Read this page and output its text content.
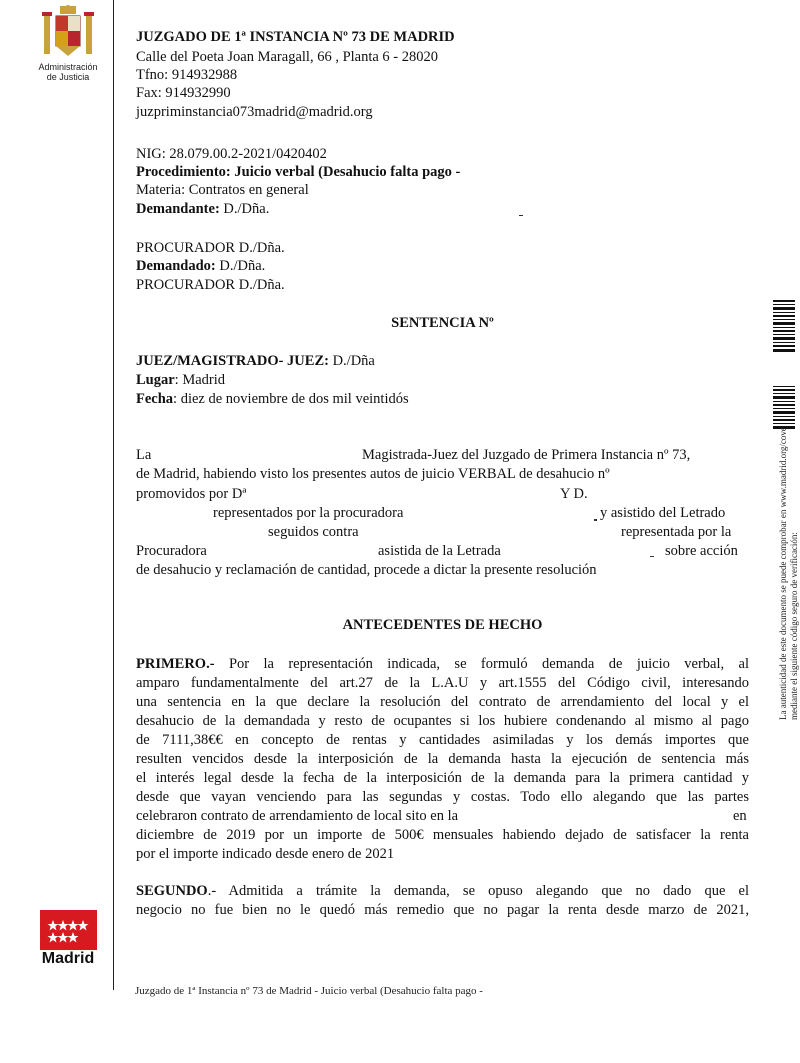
Administración
de Justicia
Madrid
JUZGADO DE 1ª INSTANCIA Nº 73 DE MADRID
Calle del Poeta Joan Maragall, 66 , Planta 6 - 28020
Tfno: 914932988
Fax: 914932990
juzpriminstancia073madrid@madrid.org
NIG: 28.079.00.2-2021/0420402
Procedimiento: Juicio verbal (Desahucio falta pago -
Materia: Contratos en general
Demandante: D./Dña.
PROCURADOR D./Dña.
Demandado: D./Dña.
PROCURADOR D./Dña.
SENTENCIA Nº
JUEZ/MAGISTRADO- JUEZ: D./Dña
Lugar: Madrid
Fecha: diez de noviembre de dos mil veintidós
La	Magistrada-Juez del Juzgado de Primera Instancia nº 73,
de Madrid, habiendo visto los presentes autos de juicio VERBAL de desahucio nº
promovidos por Dª	Y D.
representados por la procuradora	y asistido del Letrado
seguidos contra	representada por la
Procuradora	asistida de la Letrada	sobre acción
de desahucio y reclamación de cantidad, procede a dictar la presente resolución
ANTECEDENTES DE HECHO
PRIMERO.- Por la representación indicada, se formuló demanda de juicio verbal, al
amparo fundamentalmente del art.27 de la L.A.U y art.1555 del Código civil, interesando
una sentencia en la que declare la resolución del contrato de arrendamiento del local y el
desahucio de la demandada y resto de ocupantes si los hubiere condenando al mismo al pago
de 7111,38€€ en concepto de rentas y cantidades asimiladas y los demás importes que
resulten vencidos desde la interposición de la demanda hasta la ejecución de sentencia más
el interés legal desde la fecha de la interposición de la demanda para la primera cantidad y
desde que vayan venciendo para las segundas y costas. Todo ello alegando que las partes
celebraron contrato de arrendamiento de local sito en la	en
diciembre de 2019 por un importe de 500€ mensuales habiendo dejado de satisfacer la renta
por el importe indicado desde enero de 2021
SEGUNDO.- Admitida a trámite la demanda, se opuso alegando que no dado que el
negocio no fue bien no le quedó más remedio que no pagar la renta desde marzo de 2021,
Juzgado de 1ª Instancia nº 73 de Madrid - Juicio verbal (Desahucio falta pago -
La autenticidad de este documento se puede comprobar en www.madrid.org/cove mediante el siguiente código seguro de verificación:
